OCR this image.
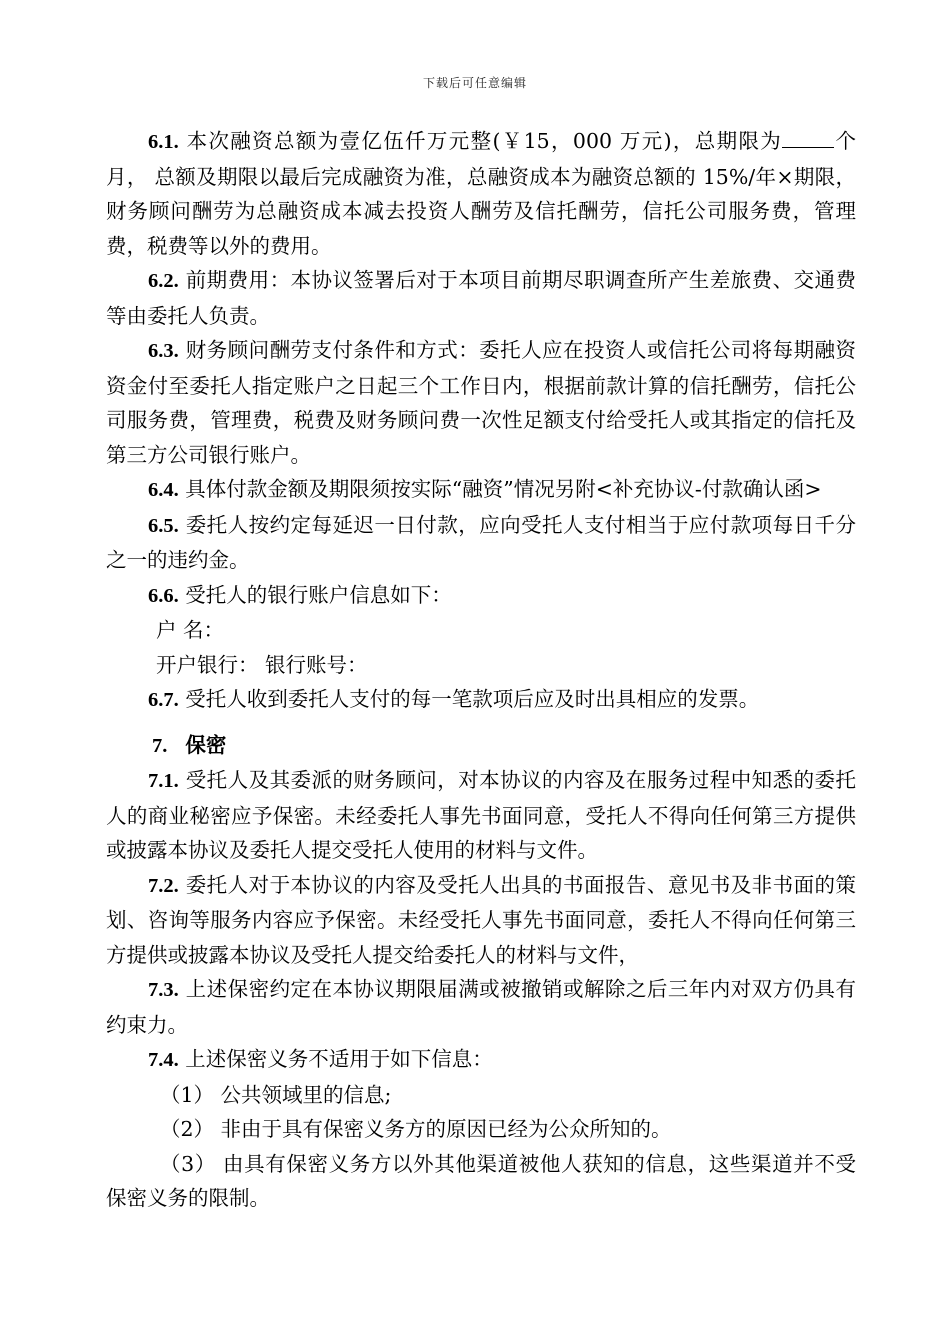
下载后可任意编辑

6.1. 本次融资总额为壹亿伍仟万元整(￥15，000 万元)，总期限为	个月， 总额及期限以最后完成融资为准，总融资成本为融资总额的 15%/年×期限，财务顾问酬劳为总融资成本减去投资人酬劳及信托酬劳，信托公司服务费，管理费，税费等以外的费用。

6.2. 前期费用：本协议签署后对于本项目前期尽职调查所产生差旅费、交通费等由委托人负责。

6.3. 财务顾问酬劳支付条件和方式：委托人应在投资人或信托公司将每期融资资金付至委托人指定账户之日起三个工作日内，根据前款计算的信托酬劳，信托公司服务费，管理费，税费及财务顾问费一次性足额支付给受托人或其指定的信托及第三方公司银行账户。

6.4. 具体付款金额及期限须按实际“融资”情况另附<补充协议-付款确认函>

6.5. 委托人按约定每延迟一日付款，应向受托人支付相当于应付款项每日千分之一的违约金。

6.6. 受托人的银行账户信息如下：

户 名：

开户银行： 银行账号：

6.7. 受托人收到委托人支付的每一笔款项后应及时出具相应的发票。

7. 保密

7.1. 受托人及其委派的财务顾问，对本协议的内容及在服务过程中知悉的委托人的商业秘密应予保密。未经委托人事先书面同意，受托人不得向任何第三方提供或披露本协议及委托人提交受托人使用的材料与文件。

7.2. 委托人对于本协议的内容及受托人出具的书面报告、意见书及非书面的策划、咨询等服务内容应予保密。未经受托人事先书面同意，委托人不得向任何第三方提供或披露本协议及受托人提交给委托人的材料与文件，

7.3. 上述保密约定在本协议期限届满或被撤销或解除之后三年内对双方仍具有约束力。

7.4. 上述保密义务不适用于如下信息：

（1） 公共领域里的信息;

（2） 非由于具有保密义务方的原因已经为公众所知的。

（3） 由具有保密义务方以外其他渠道被他人获知的信息，这些渠道并不受保密义务的限制。
